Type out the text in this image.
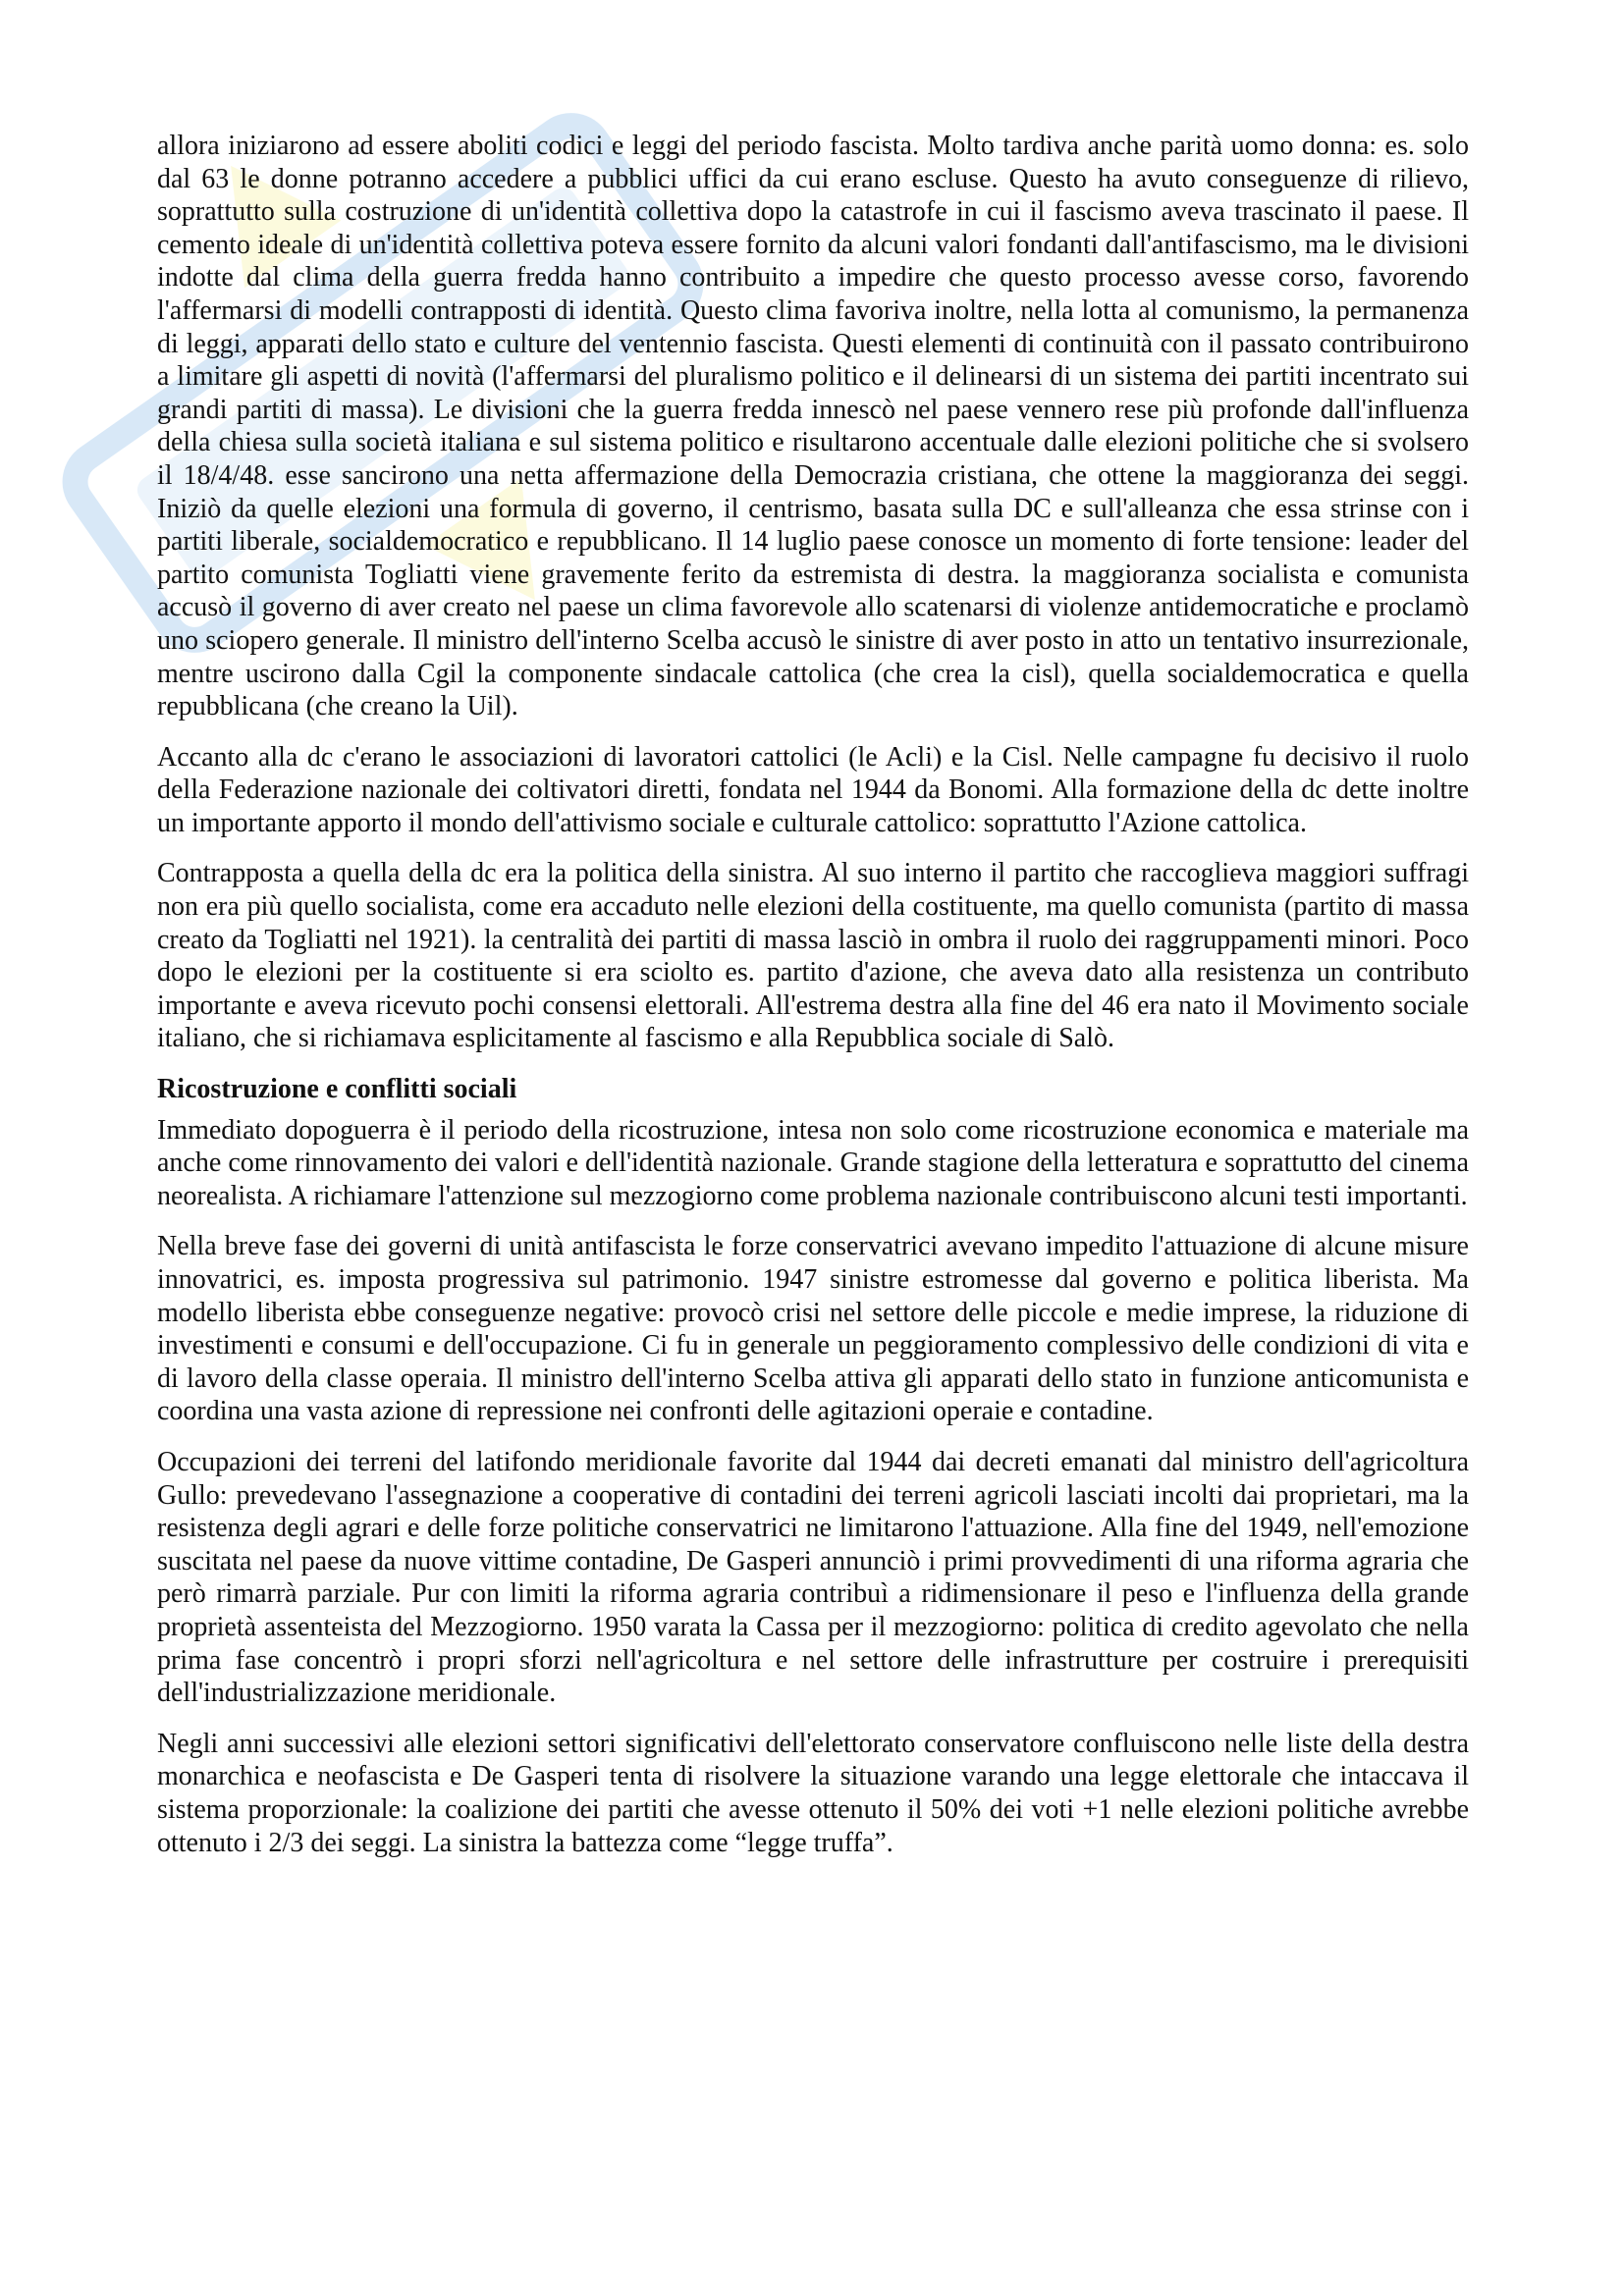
allora iniziarono ad essere aboliti codici e leggi del periodo fascista. Molto tardiva anche parità uomo donna: es. solo dal 63 le donne potranno accedere a pubblici uffici da cui erano escluse. Questo ha avuto conseguenze di rilievo, soprattutto sulla costruzione di un'identità collettiva dopo la catastrofe in cui il fascismo aveva trascinato il paese. Il cemento ideale di un'identità collettiva poteva essere fornito da alcuni valori fondanti dall'antifascismo, ma le divisioni indotte dal clima della guerra fredda hanno contribuito a impedire che questo processo avesse corso, favorendo l'affermarsi di modelli contrapposti di identità. Questo clima favoriva inoltre, nella lotta al comunismo, la permanenza di leggi, apparati dello stato e culture del ventennio fascista. Questi elementi di continuità con il passato contribuirono a limitare gli aspetti di novità (l'affermarsi del pluralismo politico e il delinearsi di un sistema dei partiti incentrato sui grandi partiti di massa). Le divisioni che la guerra fredda innescò nel paese vennero rese più profonde dall'influenza della chiesa sulla società italiana e sul sistema politico e risultarono accentuale dalle elezioni politiche che si svolsero il 18/4/48. esse sancirono una netta affermazione della Democrazia cristiana, che ottene la maggioranza dei seggi. Iniziò da quelle elezioni una formula di governo, il centrismo, basata sulla DC e sull'alleanza che essa strinse con i partiti liberale, socialdemocratico e repubblicano. Il 14 luglio paese conosce un momento di forte tensione: leader del partito comunista Togliatti viene gravemente ferito da estremista di destra. la maggioranza socialista e comunista accusò il governo di aver creato nel paese un clima favorevole allo scatenarsi di violenze antidemocratiche e proclamò uno sciopero generale. Il ministro dell'interno Scelba accusò le sinistre di aver posto in atto un tentativo insurrezionale, mentre uscirono dalla Cgil la componente sindacale cattolica (che crea la cisl), quella socialdemocratica e quella repubblicana (che creano la Uil).

Accanto alla dc c'erano le associazioni di lavoratori cattolici (le Acli) e la Cisl. Nelle campagne fu decisivo il ruolo della Federazione nazionale dei coltivatori diretti, fondata nel 1944 da Bonomi. Alla formazione della dc dette inoltre un importante apporto il mondo dell'attivismo sociale e culturale cattolico: soprattutto l'Azione cattolica.

Contrapposta a quella della dc era la politica della sinistra. Al suo interno il partito che raccoglieva maggiori suffragi non era più quello socialista, come era accaduto nelle elezioni della costituente, ma quello comunista (partito di massa creato da Togliatti nel 1921). la centralità dei partiti di massa lasciò in ombra il ruolo dei raggruppamenti minori. Poco dopo le elezioni per la costituente si era sciolto es. partito d'azione, che aveva dato alla resistenza un contributo importante e aveva ricevuto pochi consensi elettorali. All'estrema destra alla fine del 46 era nato il Movimento sociale italiano, che si richiamava esplicitamente al fascismo e alla Repubblica sociale di Salò.

Ricostruzione e conflitti sociali

Immediato dopoguerra è il periodo della ricostruzione, intesa non solo come ricostruzione economica e materiale ma anche come rinnovamento dei valori e dell'identità nazionale. Grande stagione della letteratura e soprattutto del cinema neorealista. A richiamare l'attenzione sul mezzogiorno come problema nazionale contribuiscono alcuni testi importanti.

Nella breve fase dei governi di unità antifascista le forze conservatrici avevano impedito l'attuazione di alcune misure innovatrici, es. imposta progressiva sul patrimonio. 1947 sinistre estromesse dal governo e politica liberista. Ma modello liberista ebbe conseguenze negative: provocò crisi nel settore delle piccole e medie imprese, la riduzione di investimenti e consumi e dell'occupazione. Ci fu in generale un peggioramento complessivo delle condizioni di vita e di lavoro della classe operaia. Il ministro dell'interno Scelba attiva gli apparati dello stato in funzione anticomunista e coordina una vasta azione di repressione nei confronti delle agitazioni operaie e contadine.

Occupazioni dei terreni del latifondo meridionale favorite dal 1944 dai decreti emanati dal ministro dell'agricoltura Gullo: prevedevano l'assegnazione a cooperative di contadini dei terreni agricoli lasciati incolti dai proprietari, ma la resistenza degli agrari e delle forze politiche conservatrici ne limitarono l'attuazione. Alla fine del 1949, nell'emozione suscitata nel paese da nuove vittime contadine, De Gasperi annunciò i primi provvedimenti di una riforma agraria che però rimarrà parziale. Pur con limiti la riforma agraria contribuì a ridimensionare il peso e l'influenza della grande proprietà assenteista del Mezzogiorno. 1950 varata la Cassa per il mezzogiorno: politica di credito agevolato che nella prima fase concentrò i propri sforzi nell'agricoltura e nel settore delle infrastrutture per costruire i prerequisiti dell'industrializzazione meridionale.

Negli anni successivi alle elezioni settori significativi dell'elettorato conservatore confluiscono nelle liste della destra monarchica e neofascista e De Gasperi tenta di risolvere la situazione varando una legge elettorale che intaccava il sistema proporzionale: la coalizione dei partiti che avesse ottenuto il 50% dei voti +1 nelle elezioni politiche avrebbe ottenuto i 2/3 dei seggi. La sinistra la battezza come “legge truffa”.
